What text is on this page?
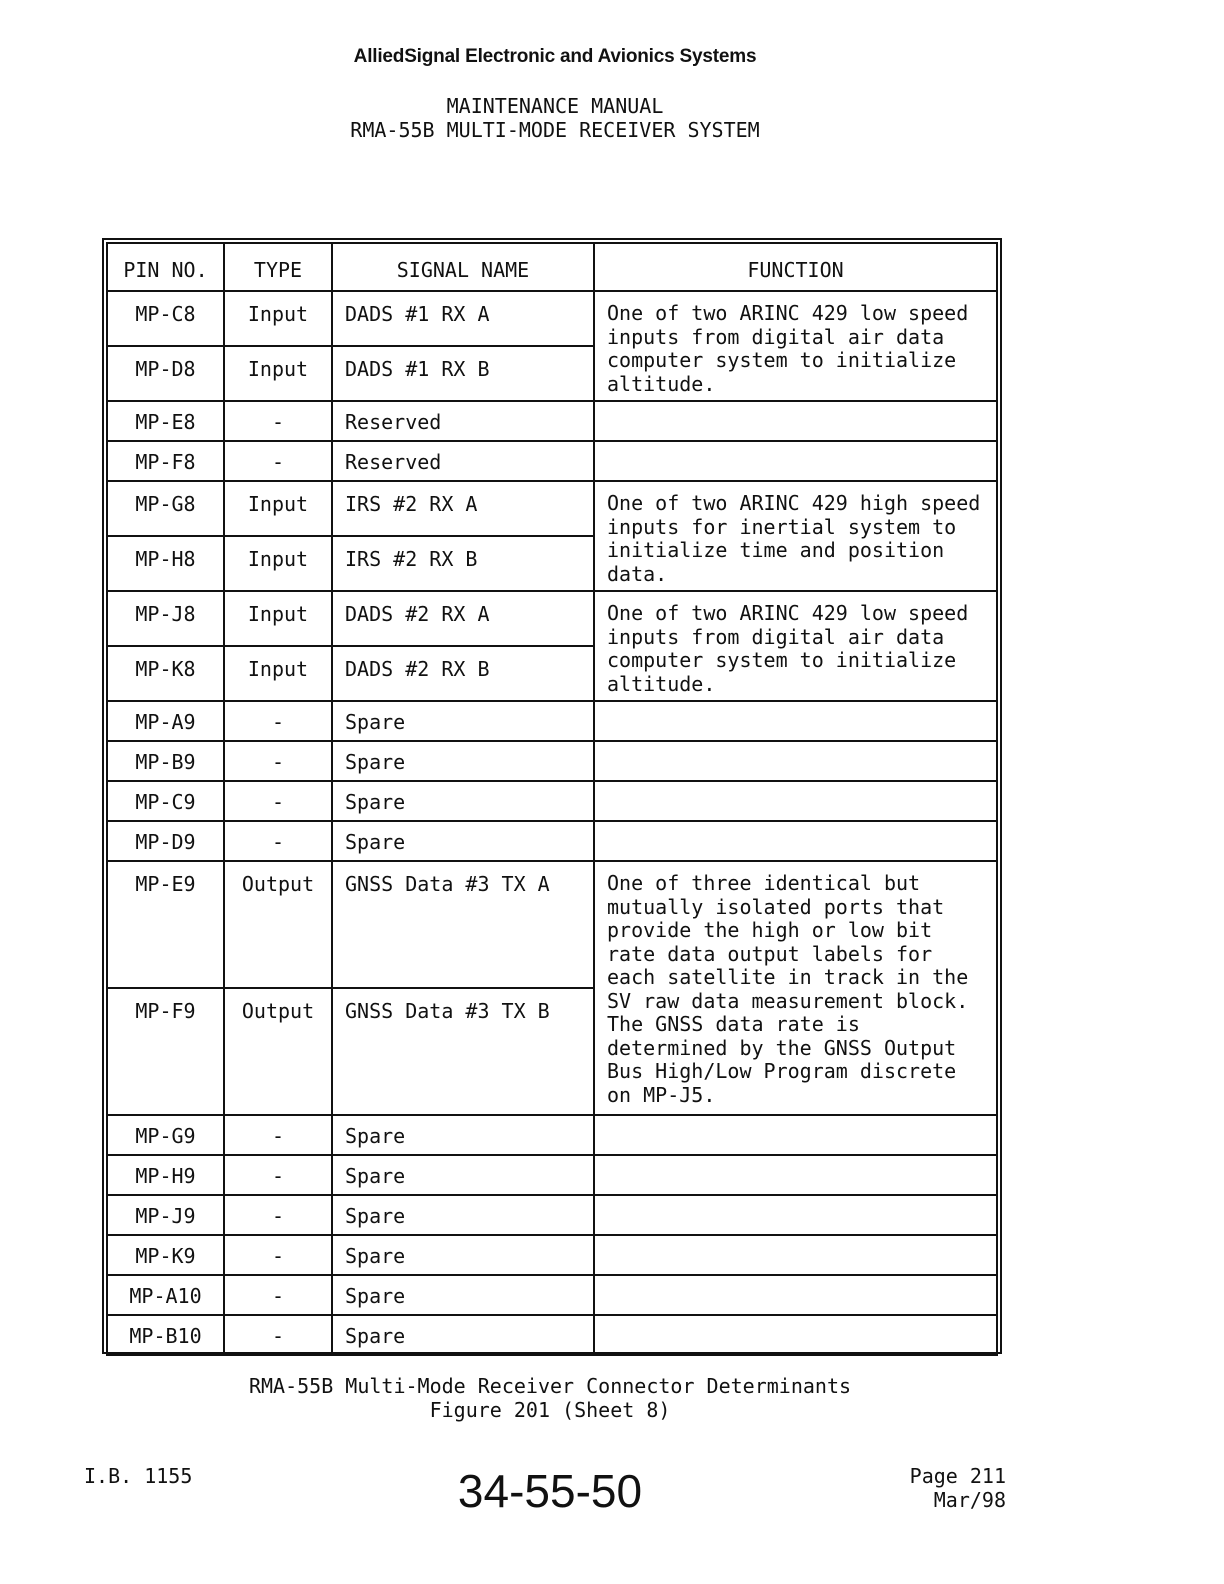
AlliedSignal Electronic and Avionics Systems
MAINTENANCE MANUAL
RMA-55B MULTI-MODE RECEIVER SYSTEM
PIN NO.	TYPE	SIGNAL NAME	FUNCTION
MP-C8	Input	DADS #1 RX A	One of two ARINC 429 low speed inputs from digital air data computer system to initialize altitude.
MP-D8	Input	DADS #1 RX B	
MP-E8	-	Reserved	
MP-F8	-	Reserved	
MP-G8	Input	IRS #2 RX A	One of two ARINC 429 high speed inputs for inertial system to initialize time and position data.
MP-H8	Input	IRS #2 RX B	
MP-J8	Input	DADS #2 RX A	One of two ARINC 429 low speed inputs from digital air data computer system to initialize altitude.
MP-K8	Input	DADS #2 RX B	
MP-A9	-	Spare	
MP-B9	-	Spare	
MP-C9	-	Spare	
MP-D9	-	Spare	
MP-E9	Output	GNSS Data #3 TX A	One of three identical but mutually isolated ports that provide the high or low bit rate data output labels for each satellite in track in the SV raw data measurement block. The GNSS data rate is determined by the GNSS Output Bus High/Low Program discrete on MP-J5.
MP-F9	Output	GNSS Data #3 TX B	
MP-G9	-	Spare	
MP-H9	-	Spare	
MP-J9	-	Spare	
MP-K9	-	Spare	
MP-A10	-	Spare	
MP-B10	-	Spare	
RMA-55B Multi-Mode Receiver Connector Determinants
Figure 201 (Sheet 8)
I.B. 1155	34-55-50	Page 211
Mar/98
